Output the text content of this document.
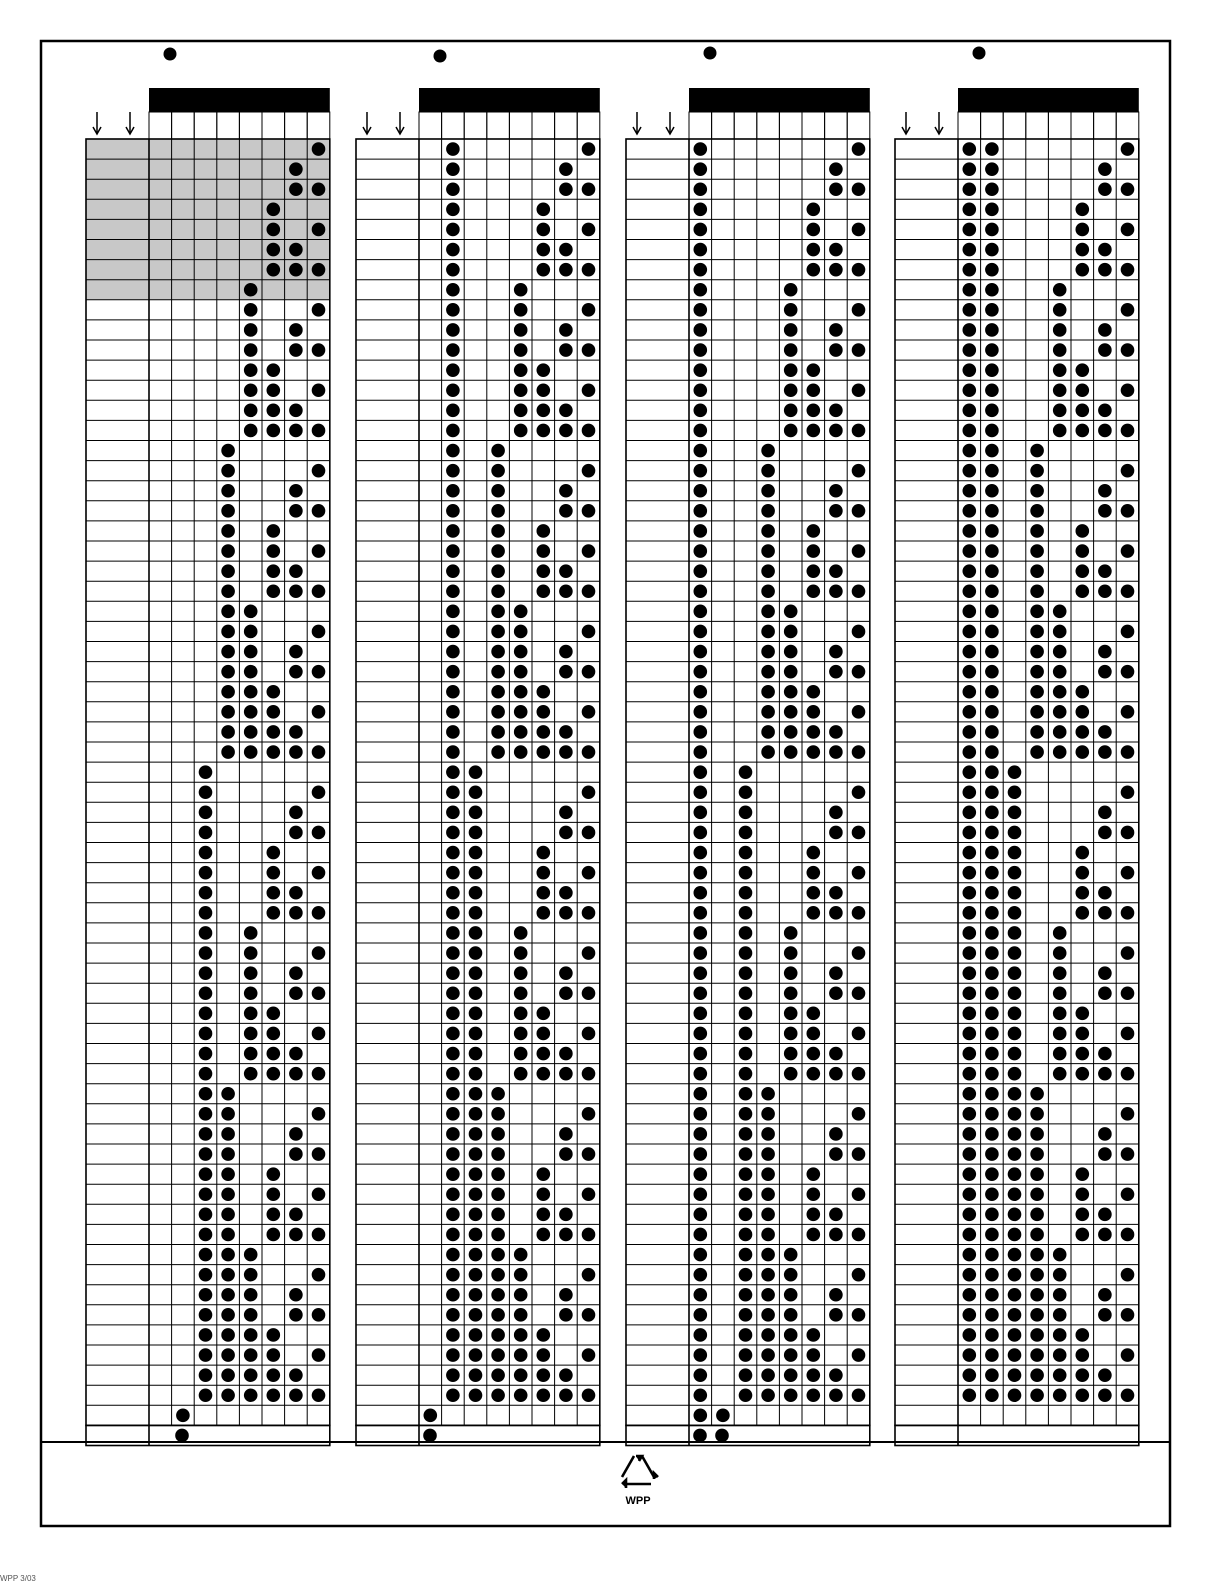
WPP
WPP 3/03
